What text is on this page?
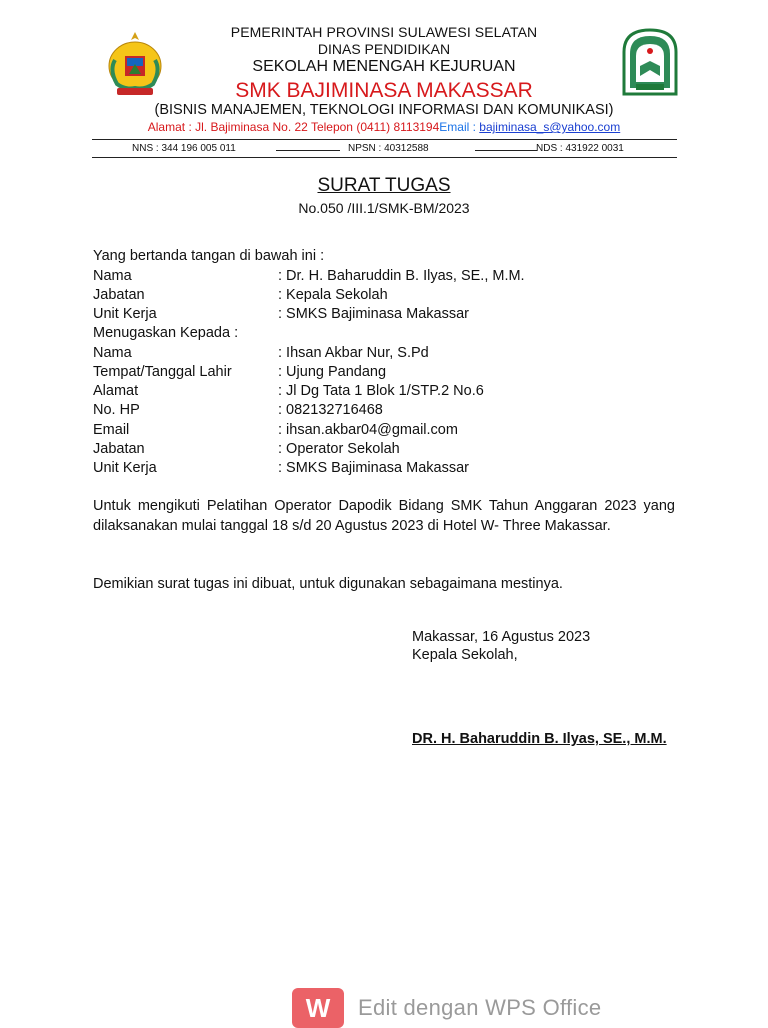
PEMERINTAH PROVINSI SULAWESI SELATAN
DINAS PENDIDIKAN
SEKOLAH MENENGAH KEJURUAN
SMK BAJIMINASA MAKASSAR
(BISNIS MANAJEMEN, TEKNOLOGI INFORMASI DAN KOMUNIKASI)
Alamat : Jl. Bajiminasa No. 22 Telepon (0411) 8113194Email : bajiminasa_s@yahoo.com
NNS : 344 196 005 011	NPSN : 40312588	NDS : 431922 0031
SURAT TUGAS
No.050 /III.1/SMK-BM/2023
Yang bertanda tangan di bawah ini :
Nama	: Dr. H. Baharuddin B. Ilyas, SE., M.M.
Jabatan	: Kepala Sekolah
Unit Kerja	: SMKS Bajiminasa Makassar
Menugaskan Kepada :
Nama	: Ihsan Akbar Nur, S.Pd
Tempat/Tanggal Lahir	: Ujung Pandang
Alamat	: Jl Dg Tata 1 Blok 1/STP.2 No.6
No. HP	: 082132716468
Email	: ihsan.akbar04@gmail.com
Jabatan	: Operator Sekolah
Unit Kerja	: SMKS Bajiminasa Makassar
Untuk mengikuti Pelatihan Operator Dapodik Bidang SMK Tahun Anggaran 2023 yang dilaksanakan mulai tanggal 18 s/d 20 Agustus 2023 di Hotel W- Three Makassar.
Demikian surat tugas ini dibuat, untuk digunakan sebagaimana mestinya.
Makassar, 16 Agustus 2023
Kepala Sekolah,
DR. H. Baharuddin B. Ilyas, SE., M.M.
W	Edit dengan WPS Office
